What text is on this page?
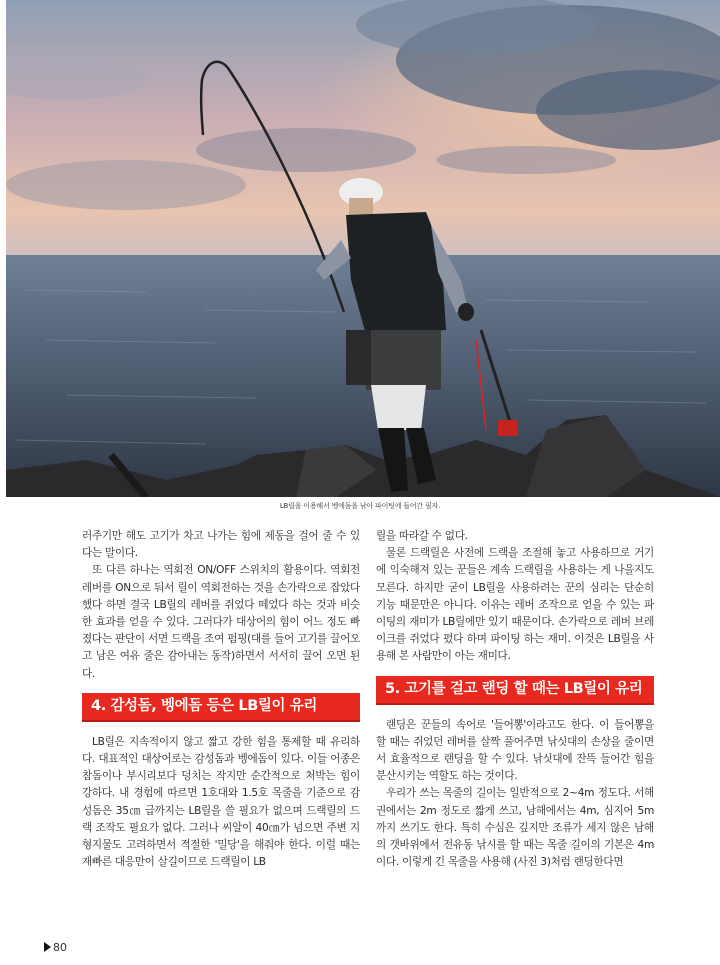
LB릴을 이용해서 벵에돔을 낚아 파이팅에 들어간 필자.

러주기만 해도 고기가 차고 나가는 힘에 제동을 걸어 줄 수 있다는 말이다.

또 다른 하나는 역회전 ON/OFF 스위치의 활용이다. 역회전 레버를 ON으로 둬서 릴이 역회전하는 것을 손가락으로 잡았다 했다 하면 결국 LB릴의 레버를 쥐었다 떼었다 하는 것과 비슷한 효과를 얻을 수 있다. 그러다가 대상어의 힘이 어느 정도 빠졌다는 판단이 서면 드랙을 조여 펌핑(대를 들어 고기를 끌어오고 남은 여유 줄은 감아내는 동작)하면서 서서히 끌어 오면 된다.

4. 감성돔, 벵에돔 등은 LB릴이 유리

LB릴은 지속적이지 않고 짧고 강한 힘을 통제할 때 유리하다. 대표적인 대상어로는 감성돔과 벵에돔이 있다. 이들 어종은 참돔이나 부시리보다 덩치는 작지만 순간적으로 처박는 힘이 강하다. 내 경험에 따르면 1호대와 1.5호 목줄을 기준으로 감성돔은 35㎝ 급까지는 LB릴을 쓸 필요가 없으며 드랙릴의 드랙 조작도 필요가 없다. 그러나 씨알이 40㎝가 넘으면 주변 지형지물도 고려하면서 적절한 '밀당'을 해줘야 한다. 이럴 때는 재빠른 대응만이 살길이므로 드랙릴이 LB

릴을 따라갈 수 없다.

물론 드랙릴은 사전에 드랙을 조절해 놓고 사용하므로 거기에 익숙해져 있는 꾼들은 계속 드랙릴을 사용하는 게 나을지도 모른다. 하지만 굳이 LB릴을 사용하려는 꾼의 심리는 단순히 기능 때문만은 아니다. 이유는 레버 조작으로 얻을 수 있는 파이팅의 재미가 LB릴에만 있기 때문이다. 손가락으로 레버 브레이크를 쥐었다 폈다 하며 파이팅 하는 재미. 이것은 LB릴을 사용해 본 사람만이 아는 재미다.

5. 고기를 걸고 랜딩 할 때는 LB릴이 유리

랜딩은 꾼들의 속어로 '들어뽕'이라고도 한다. 이 들어뽕을 할 때는 쥐었던 레버를 살짝 풀어주면 낚싯대의 손상을 줄이면서 효율적으로 랜딩을 할 수 있다. 낚싯대에 잔뜩 들어간 힘을 분산시키는 역할도 하는 것이다.

우리가 쓰는 목줄의 길이는 일반적으로 2~4m 정도다. 서해권에서는 2m 정도로 짧게 쓰고, 남해에서는 4m, 심지어 5m까지 쓰기도 한다. 특히 수심은 깊지만 조류가 세지 않은 남해의 갯바위에서 전유동 낚시를 할 때는 목줄 길이의 기본은 4m이다. 이렇게 긴 목줄을 사용해 (사진 3)처럼 랜딩한다면

80
